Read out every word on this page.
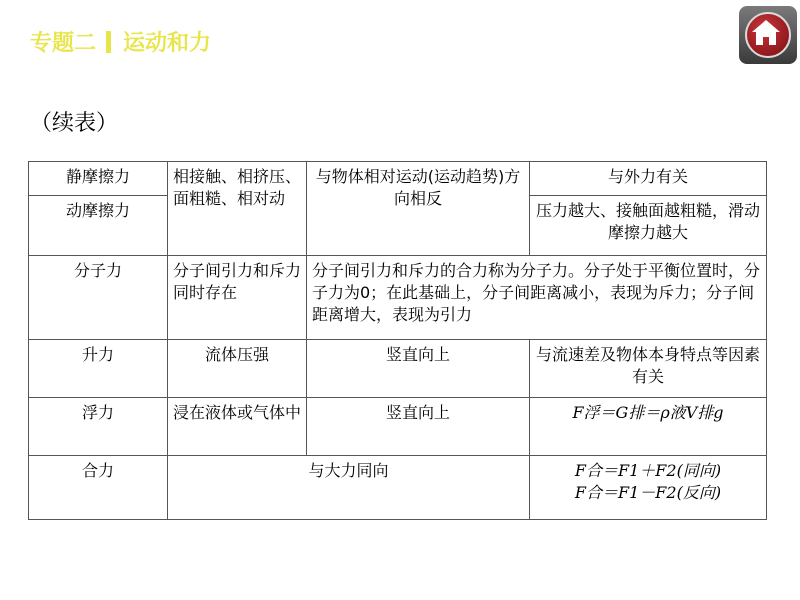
专题二 运动和力
（续表）
静摩擦力	相接触、相挤压、面粗糙、相对动	与物体相对运动(运动趋势)方向相反	与外力有关
动摩擦力			压力越大、接触面越粗糙，滑动摩擦力越大
分子力	分子间引力和斥力同时存在	分子间引力和斥力的合力称为分子力。分子处于平衡位置时，分子力为0；在此基础上，分子间距离减小，表现为斥力；分子间距离增大，表现为引力	
升力	流体压强	竖直向上	与流速差及物体本身特点等因素有关
浮力	浸在液体或气体中	竖直向上	F浮＝G排＝ρ液V排g
合力	与大力同向		F合＝F1＋F2(同向)
F合＝F1－F2(反向)
